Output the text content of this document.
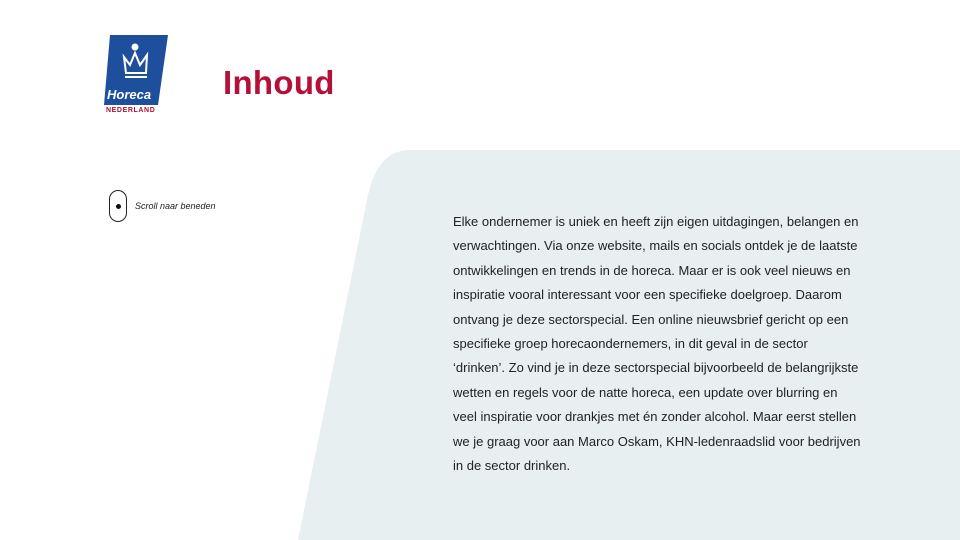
Horeca
NEDERLAND
Inhoud
Scroll naar beneden

Elke ondernemer is uniek en heeft zijn eigen uitdagingen, belangen en verwachtingen. Via onze website, mails en socials ontdek je de laatste ontwikkelingen en trends in de horeca. Maar er is ook veel nieuws en inspiratie vooral interessant voor een specifieke doelgroep. Daarom ontvang je deze sectorspecial. Een online nieuwsbrief gericht op een specifieke groep horecaondernemers, in dit geval in de sector ‘drinken’. Zo vind je in deze sectorspecial bijvoorbeeld de belangrijkste wetten en regels voor de natte horeca, een update over blurring en veel inspiratie voor drankjes met én zonder alcohol. Maar eerst stellen we je graag voor aan Marco Oskam, KHN-ledenraadslid voor bedrijven in de sector drinken.
